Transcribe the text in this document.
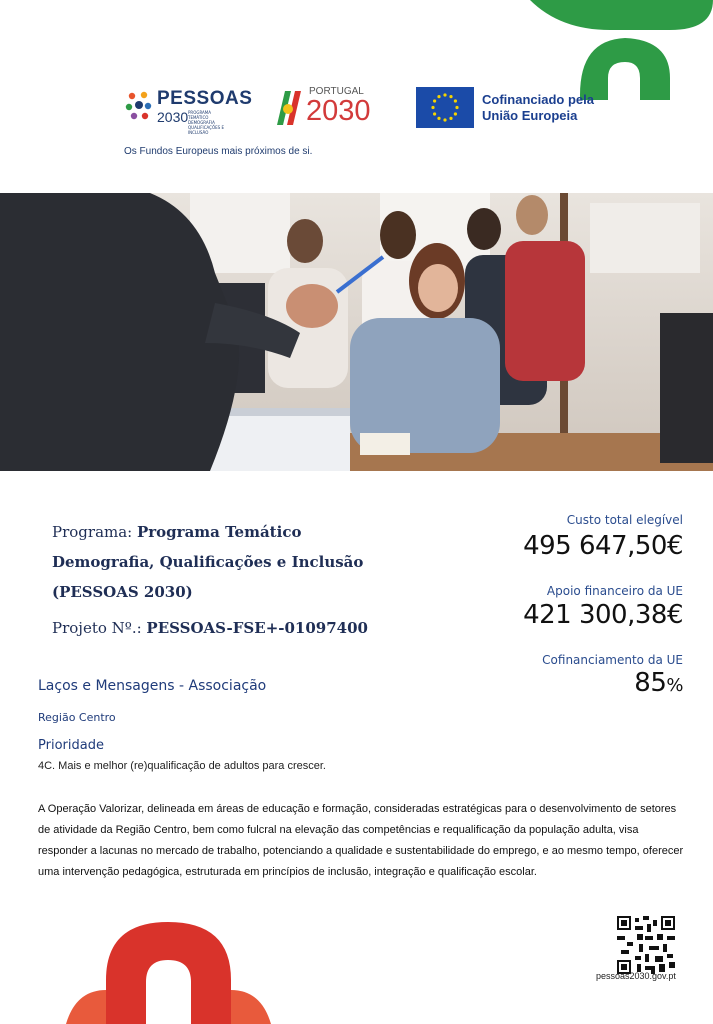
PESSOAS
2030 PROGRAMA TEMÁTICO DEMOGRAFIA QUALIFICAÇÕES E INCLUSÃO
PORTUGAL
2030	Cofinanciado pela União Europeia
Os Fundos Europeus mais próximos de si.
Programa: Programa Temático Demografia, Qualificações e Inclusão (PESSOAS 2030)
Projeto Nº.: PESSOAS-FSE+-01097400
Custo total elegível
495 647,50€
Apoio financeiro da UE
421 300,38€
Cofinanciamento da UE
85%
Laços e Mensagens - Associação
Região Centro
Prioridade
4C. Mais e melhor (re)qualificação de adultos para crescer.
A Operação Valorizar, delineada em áreas de educação e formação, consideradas estratégicas para o desenvolvimento de setores de atividade da Região Centro, bem como fulcral na elevação das competências e requalificação da população adulta, visa responder a lacunas no mercado de trabalho, potenciando a qualidade e sustentabilidade do emprego, e ao mesmo tempo, oferecer uma intervenção pedagógica, estruturada em princípios de inclusão, integração e qualificação escolar.
pessoas2030.gov.pt
